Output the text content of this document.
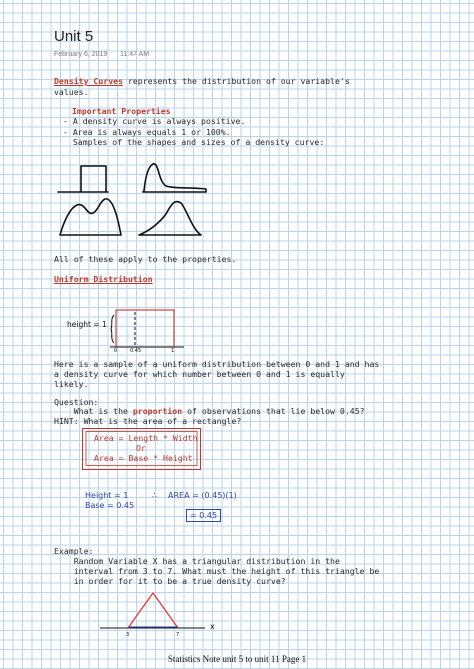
Unit 5
February 6, 2019 11:47 AM
Density Curves represents the distribution of our variable's
values.
Important Properties
- A density curve is always positive.
- Area is always equals 1 or 100%.
Samples of the shapes and sizes of a density curve:
All of these apply to the properties.
Uniform Distribution
height = 1
0	0.45	1
Here is a sample of a uniform distribution between 0 and 1 and has
a density curve for which number between 0 and 1 is equally
likely.
Question:
What is the proportion of observations that lie below 0.45?
HINT: What is the area of a rectangle?
Area = Length * Width
Or
Area = Base * Height
Height = 1
Base = 0.45
∴ AREA = (0.45)(1)
= 0.45
Example:
Random Variable X has a triangular distribution in the
interval from 3 to 7. What must the height of this triangle be
in order for it to be a true density curve?
3	7
x
Statistics Note unit 5 to unit 11 Page 1
